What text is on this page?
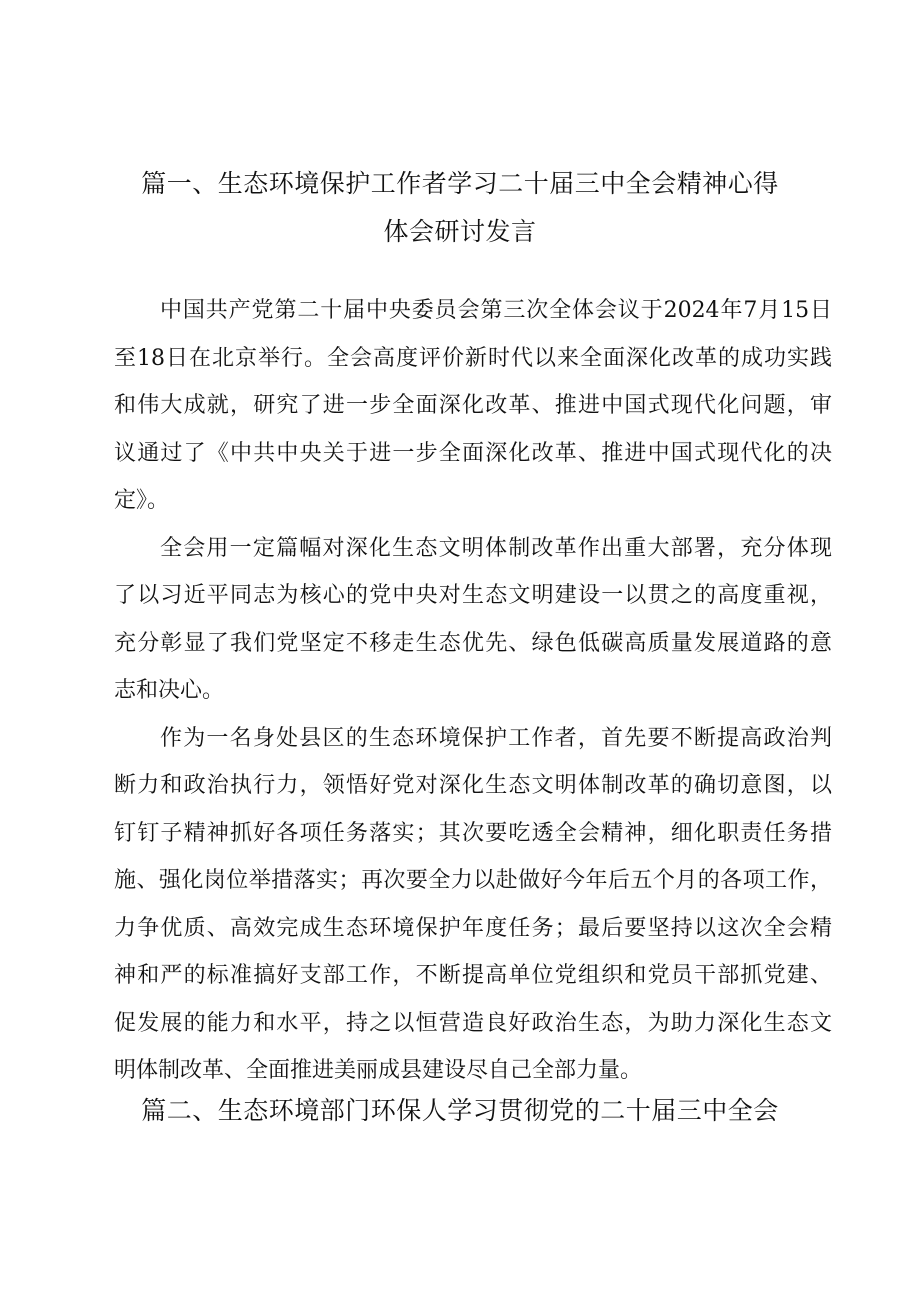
篇一、生态环境保护工作者学习二十届三中全会精神心得
体会研讨发言
中国共产党第二十届中央委员会第三次全体会议于2024年7月15日
至18日在北京举行。全会高度评价新时代以来全面深化改革的成功实践
和伟大成就，研究了进一步全面深化改革、推进中国式现代化问题，审
议通过了《中共中央关于进一步全面深化改革、推进中国式现代化的决
定》。
全会用一定篇幅对深化生态文明体制改革作出重大部署，充分体现
了以习近平同志为核心的党中央对生态文明建设一以贯之的高度重视，
充分彰显了我们党坚定不移走生态优先、绿色低碳高质量发展道路的意
志和决心。
作为一名身处县区的生态环境保护工作者，首先要不断提高政治判
断力和政治执行力，领悟好党对深化生态文明体制改革的确切意图，以
钉钉子精神抓好各项任务落实；其次要吃透全会精神，细化职责任务措
施、强化岗位举措落实；再次要全力以赴做好今年后五个月的各项工作，
力争优质、高效完成生态环境保护年度任务；最后要坚持以这次全会精
神和严的标准搞好支部工作，不断提高单位党组织和党员干部抓党建、
促发展的能力和水平，持之以恒营造良好政治生态，为助力深化生态文
明体制改革、全面推进美丽成县建设尽自己全部力量。
篇二、生态环境部门环保人学习贯彻党的二十届三中全会
